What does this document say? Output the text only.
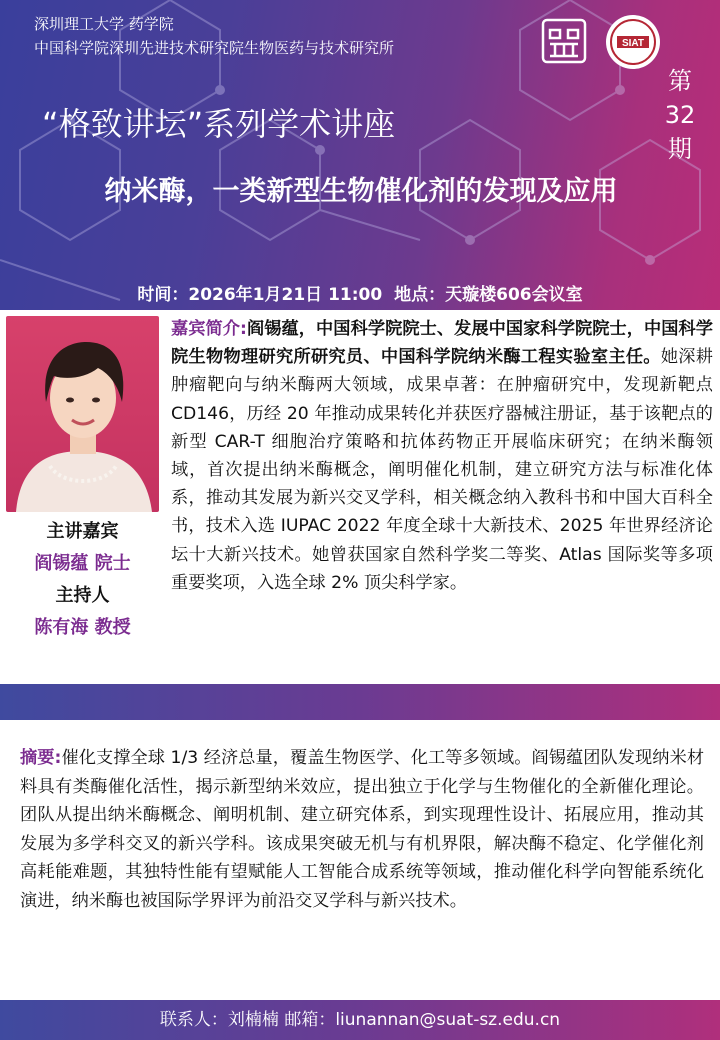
深圳理工大学 药学院
中国科学院深圳先进技术研究院生物医药与技术研究所	SIAT
第
32
期
“格致讲坛”系列学术讲座
纳米酶，一类新型生物催化剂的发现及应用
时间：2026年1月21日 11:00 地点：天璇楼606会议室
主讲嘉宾
阎锡蕴 院士
主持人
陈有海 教授
嘉宾简介:阎锡蕴，中国科学院院士、发展中国家科学院院士，中国科学院生物物理研究所研究员、中国科学院纳米酶工程实验室主任。她深耕肿瘤靶向与纳米酶两大领域，成果卓著：在肿瘤研究中，发现新靶点 CD146，历经 20 年推动成果转化并获医疗器械注册证，基于该靶点的新型 CAR-T 细胞治疗策略和抗体药物正开展临床研究；在纳米酶领域，首次提出纳米酶概念，阐明催化机制，建立研究方法与标准化体系，推动其发展为新兴交叉学科，相关概念纳入教科书和中国大百科全书，技术入选 IUPAC 2022 年度全球十大新技术、2025 年世界经济论坛十大新兴技术。她曾获国家自然科学奖二等奖、Atlas 国际奖等多项重要奖项，入选全球 2% 顶尖科学家。
摘要:催化支撑全球 1/3 经济总量，覆盖生物医学、化工等多领域。阎锡蕴团队发现纳米材料具有类酶催化活性，揭示新型纳米效应，提出独立于化学与生物催化的全新催化理论。团队从提出纳米酶概念、阐明机制、建立研究体系，到实现理性设计、拓展应用，推动其发展为多学科交叉的新兴学科。该成果突破无机与有机界限，解决酶不稳定、化学催化剂高耗能难题，其独特性能有望赋能人工智能合成系统等领域，推动催化科学向智能系统化演进，纳米酶也被国际学界评为前沿交叉学科与新兴技术。
联系人：刘楠楠 邮箱：liunannan@suat-sz.edu.cn
